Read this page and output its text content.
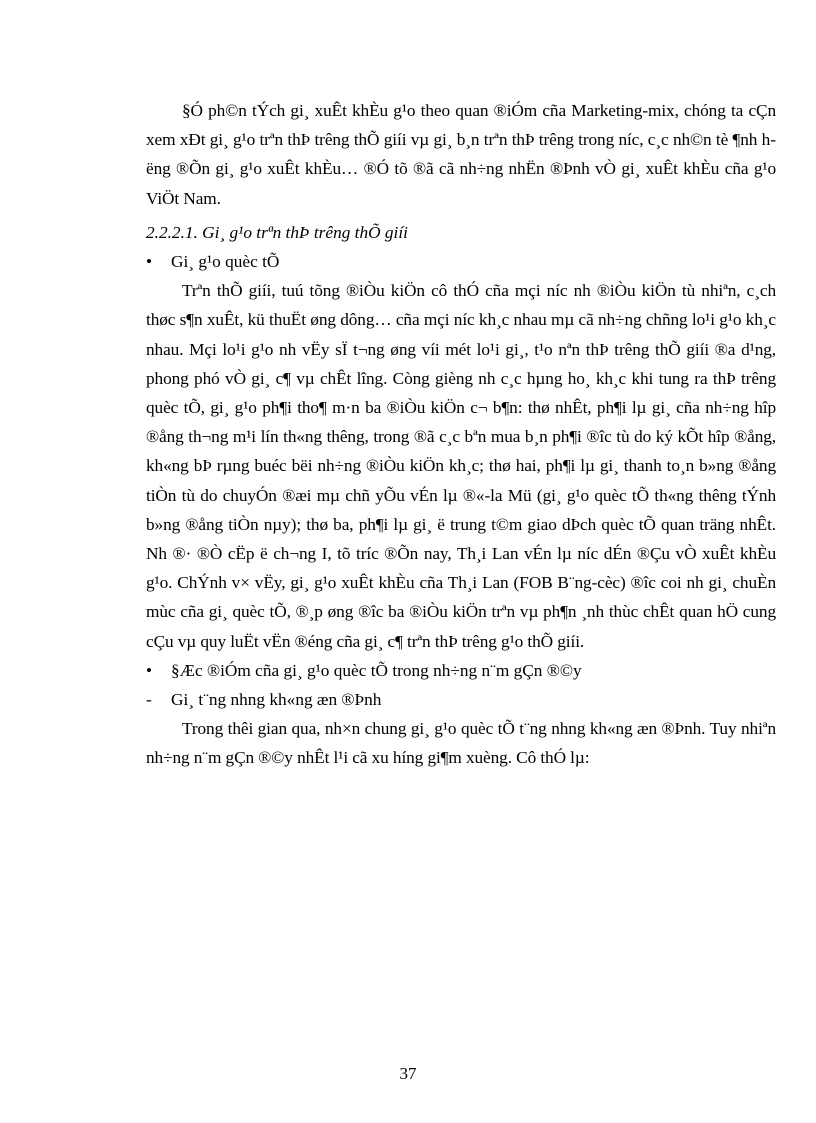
§Ó ph©n tÝch gi¸ xuÊt khÈu g¹o theo quan ®iÓm cña Marketing-mix, chóng ta cÇn xem xÐt gi¸ g¹o trªn thÞ trêng thÕ giíi vµ gi¸ b¸n trªn thÞ trêng trong níc, c¸c nh©n tè ¶nh hëng ®Õn gi¸ g¹o xuÊt khÈu… ®Ó tõ ®ã cã nh÷ng nhËn ®Þnh vÒ gi¸ xuÊt khÈu cña g¹o ViÖt Nam.

2.2.2.1. Gi¸ g¹o trªn thÞ trêng thÕ giíi

•	Gi¸ g¹o quèc tÕ

Trªn thÕ giíi, tuú tõng ®iÒu kiÖn cô thÓ cña mçi níc nh ®iÒu kiÖn tù nhiªn, c¸ch thøc s¶n xuÊt, kü thuËt øng dông… cña mçi níc kh¸c nhau mµ cã nh÷ng chñng lo¹i g¹o kh¸c nhau. Mçi lo¹i g¹o nh vËy sÏ t¬ng øng víi mét lo¹i gi¸, t¹o nªn thÞ trêng thÕ giíi ®a d¹ng, phong phó vÒ gi¸ c¶ vµ chÊt lîng. Còng gièng nh c¸c hµng ho¸ kh¸c khi tung ra thÞ trêng quèc tÕ, gi¸ g¹o ph¶i tho¶ m·n ba ®iÒu kiÖn c¬ b¶n: thø nhÊt, ph¶i lµ gi¸ cña nh÷ng hîp ®ång th¬ng m¹i lín th«ng thêng, trong ®ã c¸c bªn mua b¸n ph¶i ®îc tù do ký kÕt hîp ®ång, kh«ng bÞ rµng buéc bëi nh÷ng ®iÒu kiÖn kh¸c; thø hai, ph¶i lµ gi¸ thanh to¸n b»ng ®ång tiÒn tù do chuyÓn ®æi mµ chñ yÕu vÉn lµ ®«-la Mü (gi¸ g¹o quèc tÕ th«ng thêng tÝnh b»ng ®ång tiÒn nµy); thø ba, ph¶i lµ gi¸ ë trung t©m giao dÞch quèc tÕ quan träng nhÊt. Nh ®· ®Ò cËp ë ch¬ng I, tõ tríc ®Õn nay, Th¸i Lan vÉn lµ níc dÉn ®Çu vÒ xuÊt khÈu g¹o. ChÝnh v× vËy, gi¸ g¹o xuÊt khÈu cña Th¸i Lan (FOB B¨ng-cèc) ®îc coi nh gi¸ chuÈn mùc cña gi¸ quèc tÕ, ®¸p øng ®îc ba ®iÒu kiÖn trªn vµ ph¶n ¸nh thùc chÊt quan hÖ cung cÇu vµ quy luËt vËn ®éng cña gi¸ c¶ trªn thÞ trêng g¹o thÕ giíi.

•	§Æc ®iÓm cña gi¸ g¹o quèc tÕ trong nh÷ng n¨m gÇn ®©y
-	Gi¸ t¨ng nhng kh«ng æn ®Þnh

Trong thêi gian qua, nh×n chung gi¸ g¹o quèc tÕ t¨ng nhng kh«ng æn ®Þnh. Tuy nhiªn nh÷ng n¨m gÇn ®©y nhÊt l¹i cã xu híng gi¶m xuèng. Cô thÓ lµ:

37
